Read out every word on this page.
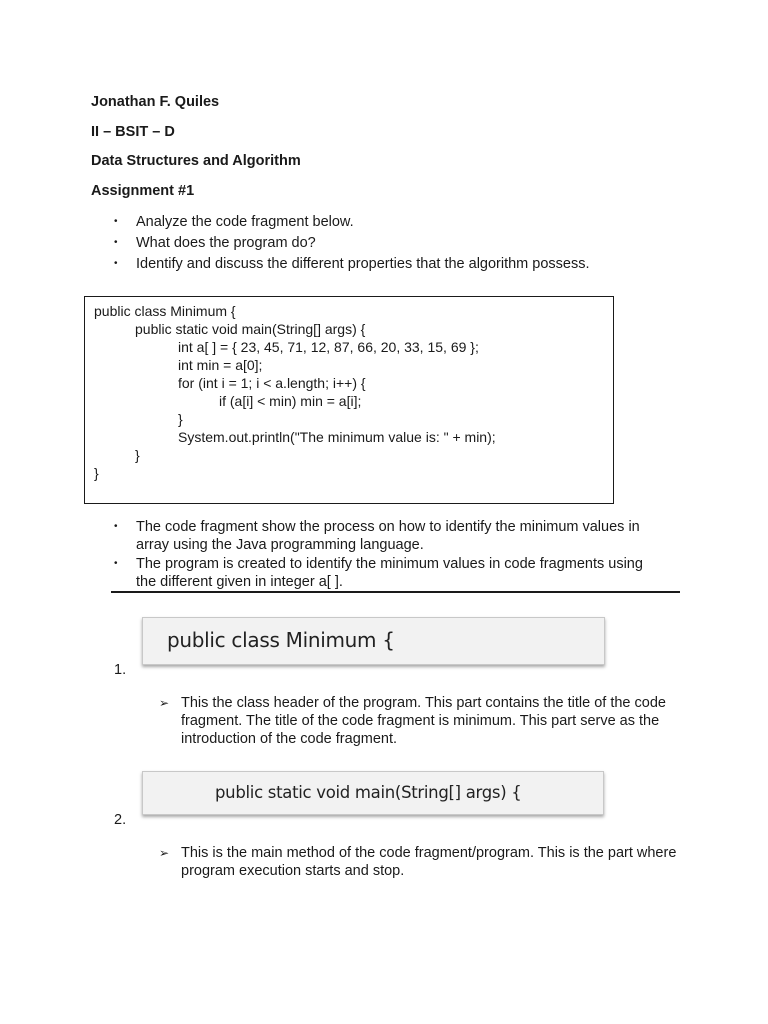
Jonathan F. Quiles
II – BSIT – D
Data Structures and Algorithm
Assignment #1
• Analyze the code fragment below.
• What does the program do?
• Identify and discuss the different properties that the algorithm possess.
public class Minimum {
public static void main(String[] args) {
int a[ ] = { 23, 45, 71, 12, 87, 66, 20, 33, 15, 69 };
int min = a[0];
for (int i = 1; i < a.length; i++) {
if (a[i] < min) min = a[i];
}
System.out.println("The minimum value is: " + min);
}
}
• The code fragment show the process on how to identify the minimum values in array using the Java programming language.
• The program is created to identify the minimum values in code fragments using the different given in integer a[ ].
public class Minimum {
1.
➢ This the class header of the program. This part contains the title of the code fragment. The title of the code fragment is minimum. This part serve as the introduction of the code fragment.
public static void main(String[] args) {
2.
➢ This is the main method of the code fragment/program. This is the part where program execution starts and stop.
